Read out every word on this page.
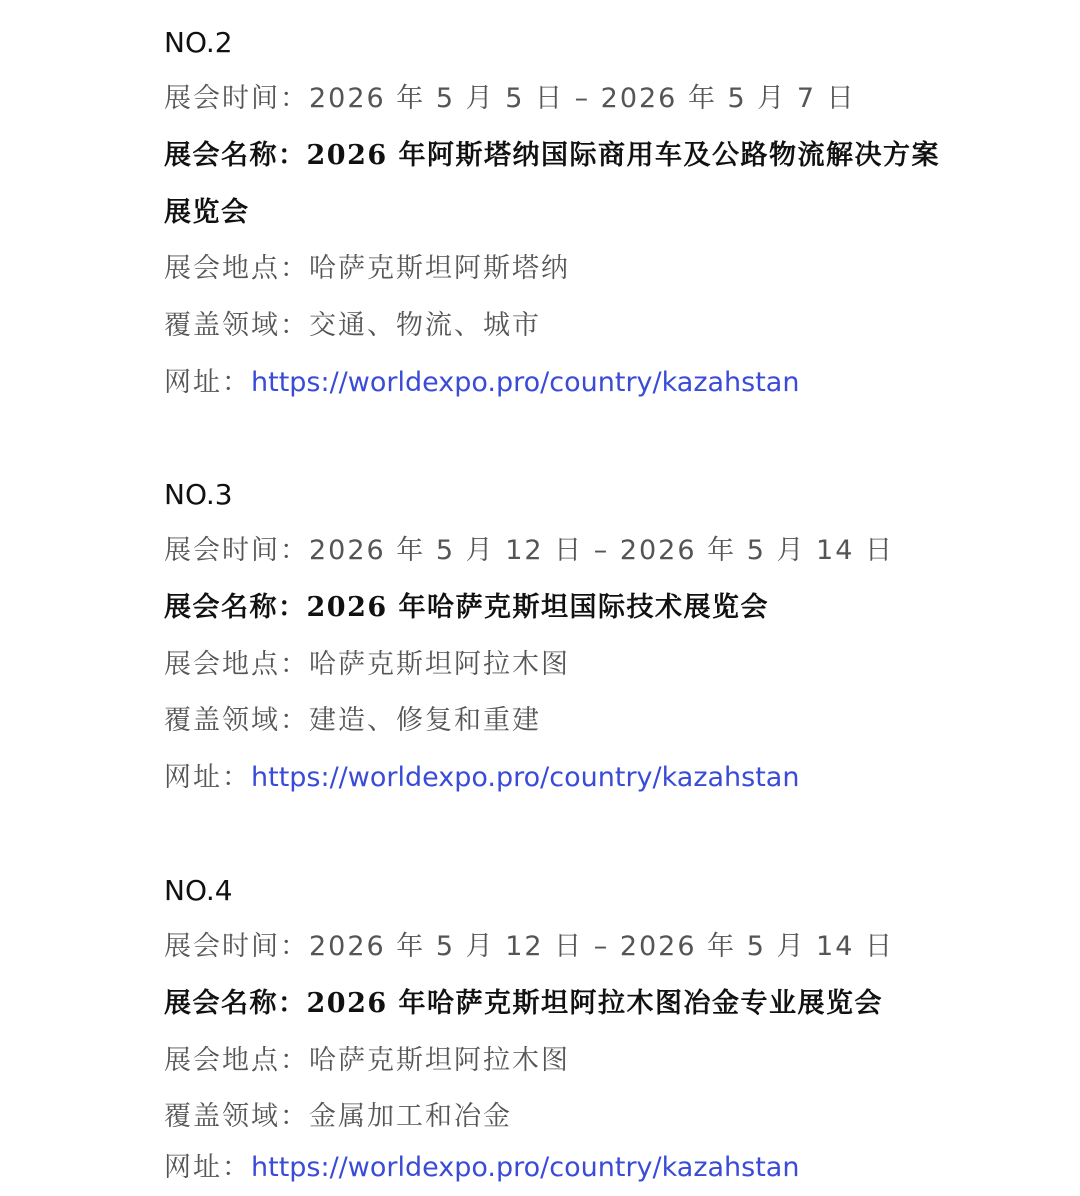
NO.2
展会时间：2026 年 5 月 5 日 – 2026 年 5 月 7 日
展会名称：2026 年阿斯塔纳国际商用车及公路物流解决方案
展览会
展会地点：哈萨克斯坦阿斯塔纳
覆盖领域：交通、物流、城市
网址：https://worldexpo.pro/country/kazahstan
NO.3
展会时间：2026 年 5 月 12 日 – 2026 年 5 月 14 日
展会名称：2026 年哈萨克斯坦国际技术展览会
展会地点：哈萨克斯坦阿拉木图
覆盖领域：建造、修复和重建
网址：https://worldexpo.pro/country/kazahstan
NO.4
展会时间：2026 年 5 月 12 日 – 2026 年 5 月 14 日
展会名称：2026 年哈萨克斯坦阿拉木图冶金专业展览会
展会地点：哈萨克斯坦阿拉木图
覆盖领域：金属加工和冶金
网址：https://worldexpo.pro/country/kazahstan
